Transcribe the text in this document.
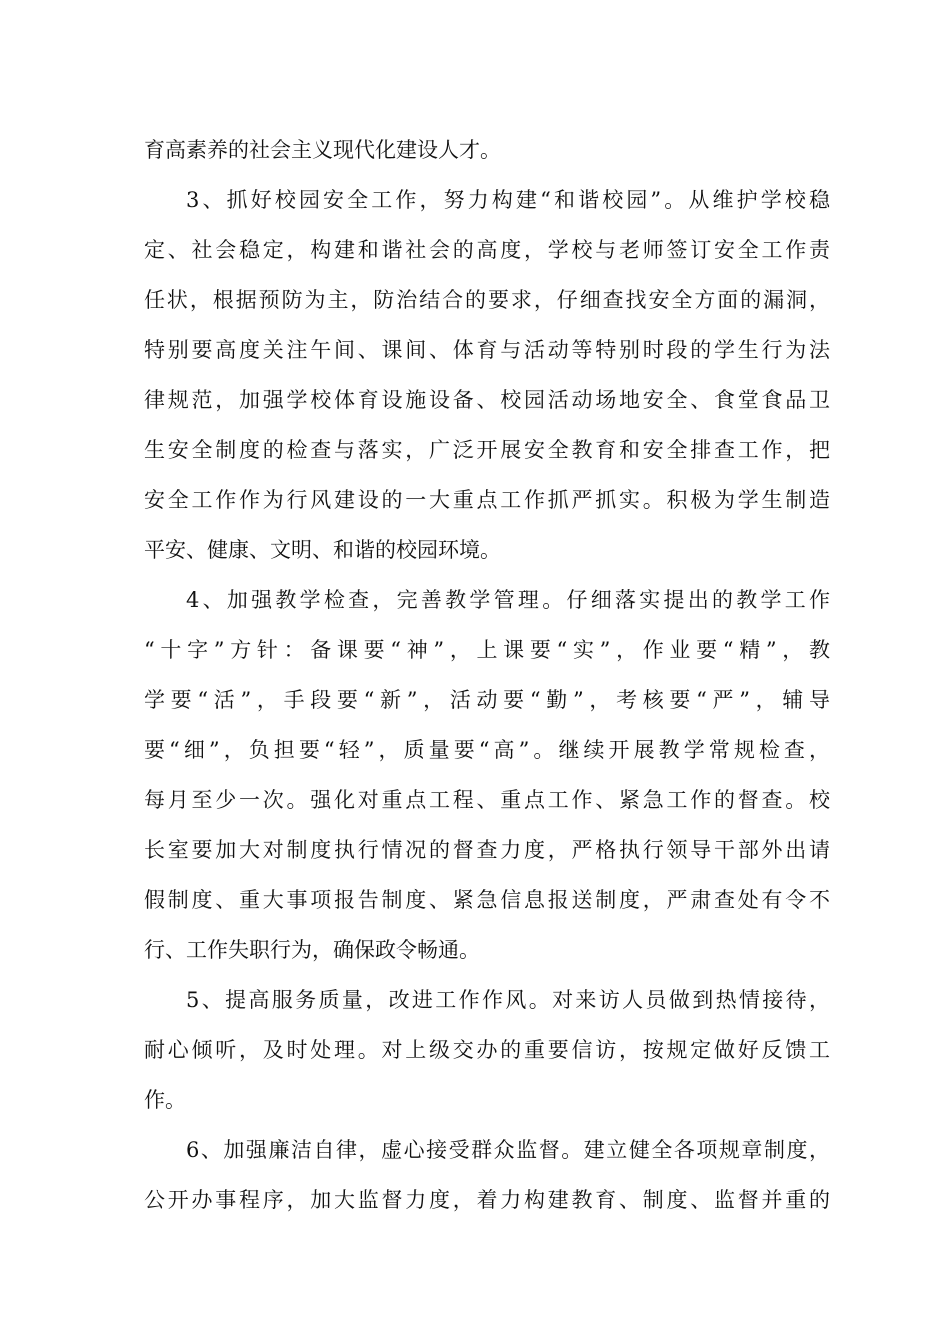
育高素养的社会主义现代化建设人才。

3、抓好校园安全工作，努力构建“和谐校园”。从维护学校稳

定、社会稳定，构建和谐社会的高度，学校与老师签订安全工作责

任状，根据预防为主，防治结合的要求，仔细查找安全方面的漏洞，

特别要高度关注午间、课间、体育与活动等特别时段的学生行为法

律规范，加强学校体育设施设备、校园活动场地安全、食堂食品卫

生安全制度的检查与落实，广泛开展安全教育和安全排查工作，把

安全工作作为行风建设的一大重点工作抓严抓实。积极为学生制造

平安、健康、文明、和谐的校园环境。

4、加强教学检查，完善教学管理。仔细落实提出的教学工作

“十字”方针：备课要“神”，上课要“实”，作业要“精”，教

学要“活”，手段要“新”，活动要“勤”，考核要“严”，辅导

要“细”，负担要“轻”，质量要“高”。继续开展教学常规检查，

每月至少一次。强化对重点工程、重点工作、紧急工作的督查。校

长室要加大对制度执行情况的督查力度，严格执行领导干部外出请

假制度、重大事项报告制度、紧急信息报送制度，严肃查处有令不

行、工作失职行为，确保政令畅通。

5、提高服务质量，改进工作作风。对来访人员做到热情接待，

耐心倾听，及时处理。对上级交办的重要信访，按规定做好反馈工

作。

6、加强廉洁自律，虚心接受群众监督。建立健全各项规章制度，

公开办事程序，加大监督力度，着力构建教育、制度、监督并重的
